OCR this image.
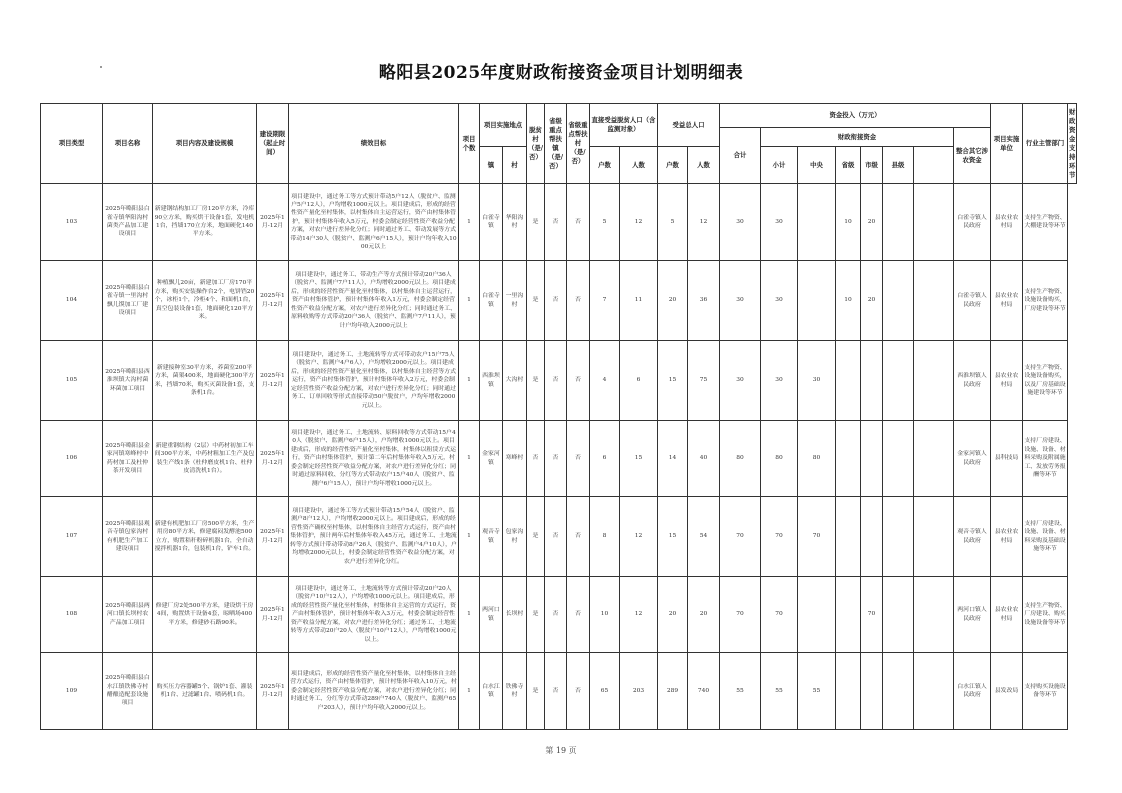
略阳县2025年度财政衔接资金项目计划明细表
项目类型	项目名称	项目内容及建设规模	建设期限（起止时间）	绩效目标	项目个数	项目实施地点		脱贫村（是/否）	省级重点帮扶镇（是/否）	省级重点帮扶村（是/否）	直接受益脱贫人口（含监测对象）		受益总人口		资金投入（万元）								项目实施单位	行业主管部门	财政资金支持环节
															合计	财政衔接资金						整合其它涉农资金			
						镇	村				户数	人数	户数	人数		小计	中央	省级	市级	县级					
103	2025年略阳县白雀寺镇华阳沟村菌类产品加工建设项目	新建钢结构加工厂房120平方米，冷库90立方米，购买烘干设备1套，发电机1台，挡墙170立方米，地面硬化140平方米。	2025年1月-12月	项目建设中，通过务工等方式预计带动5户12人（脱贫户、监测户5户12人），户均增收1000元以上。项目建成后，形成的经营性资产量化至村集体，以村集体自主运营运行，资产由村集体管护，预计村集体年收入5万元，村委会制定经营性资产收益分配方案，对农户进行差异化分红；同时通过务工、带动发展等方式带动14户30人（脱贫户、监测户6户15人），预计户均年收入1000元以上	1	白雀寺镇	华阳沟村	是	否	否	5	12	5	12	30	30		10	20			白雀寺镇人民政府	县农业农村局	支持生产物资、大棚建设等环节	
104	2025年略阳县白雀寺镇一里沟村飘儿馍加工厂建设项目	种植飘儿20亩，新建加工厂房170平方米，购买安装操作台2个，电饼铛20个，冰柜1个，冷柜4个、和面机1台，真空包装设备1套，地面硬化120平方米。	2025年1月-12月	项目建设中，通过务工、带动生产等方式预计带动20户36人（脱贫户、监测户7户11人），户均增收2000元以上。项目建成后，形成的经营性资产量化至村集体，以村集体自主运营运行，资产由村集体管护，预计村集体年收入1万元，村委会制定经营性资产收益分配方案，对农户进行差异化分红；同时通过务工、原料收购等方式带动20户36人（脱贫户、监测户7户11人），预计户均年收入2000元以上	1	白雀寺镇	一里沟村	是	否	否	7	11	20	36	30	30		10	20			白雀寺镇人民政府	县农业农村局	支持生产物资、设施设备购买，厂房建设等环节	
105	2025年略阳县西淮坝镇大沟村菌环菌加工项目	新建接种室30平方米，养菌室200平方米，菌架400米，地面硬化300平方米，挡墙70米，购买灭菌设备1套，支条机1台。	2025年1月-12月	项目建设中，通过务工、土地流转等方式可带动农户15户75人（脱贫户、监测户4户6人），户均增收2000元以上。项目建成后，形成的经营性资产量化至村集体，以村集体自主经营等方式运行，资产由村集体管护，预计村集体年收入2万元，村委会制定经营性资产收益分配方案，对农户进行差异化分红；同时通过务工、订单回收等形式直接带动50户脱贫户，户均年增收2000元以上。	1	西淮坝镇	大沟村	是	否	否	4	6	15	75	30	30	30					西淮坝镇人民政府	县农业农村局	支持生产物资、设施设备购买，以及厂房基础设施建设等环节	
106	2025年略阳县金家河镇寒峰村中药材加工及杜仲茶开发项目	新建重钢结构（2层）中药材初加工车间300平方米，中药材粗加工生产及包装生产线1条（杜仲磨皮机1台、杜仲皮清洗机1台）。	2025年1月-12月	项目建设中，通过务工、土地流转、原料回收等方式带动15户40人（脱贫户、监测户6户15人），户均增收1000元以上。项目建成后，形成的经营性资产量化至村集体，村集体以租赁方式运行，资产由村集体管护，预计第二年后村集体年收入5万元，村委会制定经营性资产收益分配方案，对农户进行差异化分红；同时通过原料回收、分红等方式带动农户15户40人（脱贫户、监测户6户15人），预计户均年增收1000元以上。	1	金家河镇	寒峰村	否	否	否	6	15	14	40	80	80	80					金家河镇人民政府	县科技局	支持厂房建设、设施、设备、材料采购及附属施工、发放劳务报酬等环节	
107	2025年略阳县观音寺镇包家沟村有机肥生产加工建设项目	新建有机肥加工厂房500平方米，生产用房80平方米，修建腐闷发酵池500立方，购置秸秆粉碎机器1台，全自动搅拌机器1台，包装机1台，铲车1台。	2025年1月-12月	项目建设中，通过务工等方式预计带动15户54人（脱贫户、监测户8户12人），户均增收2000元以上。项目建成后，形成的经营性资产确权至村集体，以村集体自主经营方式运行，资产由村集体管护，预计两年后村集体年收入45万元，通过务工、土地流转等方式预计带动带动8户26人（脱贫户、监测户4户10人），户均增收2000元以上，村委会制定经营性资产收益分配方案，对农户进行差异化分红。	1	观音寺镇	包家沟村	是	否	否	8	12	15	54	70	70	70					观音寺镇人民政府	县农业农村局	支持厂房建设、设施、设备、材料采购及基础设施等环节	
108	2025年略阳县两河口镇长坝村农产品加工项目	修建厂房2处500平方米，建设烘干房4间，购置烘干设备4套，晾晒场400平方米，修建砂石路90米。	2025年1月-12月	项目建设中，通过务工、土地流转等方式预计带动20户20人（脱贫户10户12人），户均增收1000元以上。项目建成后，形成的经营性资产量化至村集体，村集体自主运营的方式运行，资产由村集体管护，预计村集体年收入3万元，村委会制定经营性资产收益分配方案，对农户进行差异化分红；通过务工、土地流转等方式带动20户20人（脱贫户10户12人），户均增收1000元以上。	1	两河口镇	长坝村	是	否	否	10	12	20	20	70	70			70			两河口镇人民政府	县农业农村局	支持生产物资、厂房建设、购买设施设备等环节	
109	2025年略阳县白水江镇铁佛寺村醋酿造配套设施项目	购买压力容器罐5个、锅炉1套、灌装机1台、过滤罐1台、喷码机1台。	2025年1月-12月	项目建成后，形成的经营性资产量化至村集体，以村集体自主经营方式运行，资产由村集体管护，预计村集体年收入10万元，村委会制定经营性资产收益分配方案，对农户进行差异化分红；同时通过务工、分红等方式带动289户740人（脱贫户、监测户65户203人），预计户均年收入2000元以上。	1	白水江镇	铁佛寺村	是	否	否	65	203	289	740	55	55	55					白水江镇人民政府	县发改局	支持购买设施设备等环节	
第 19 页
